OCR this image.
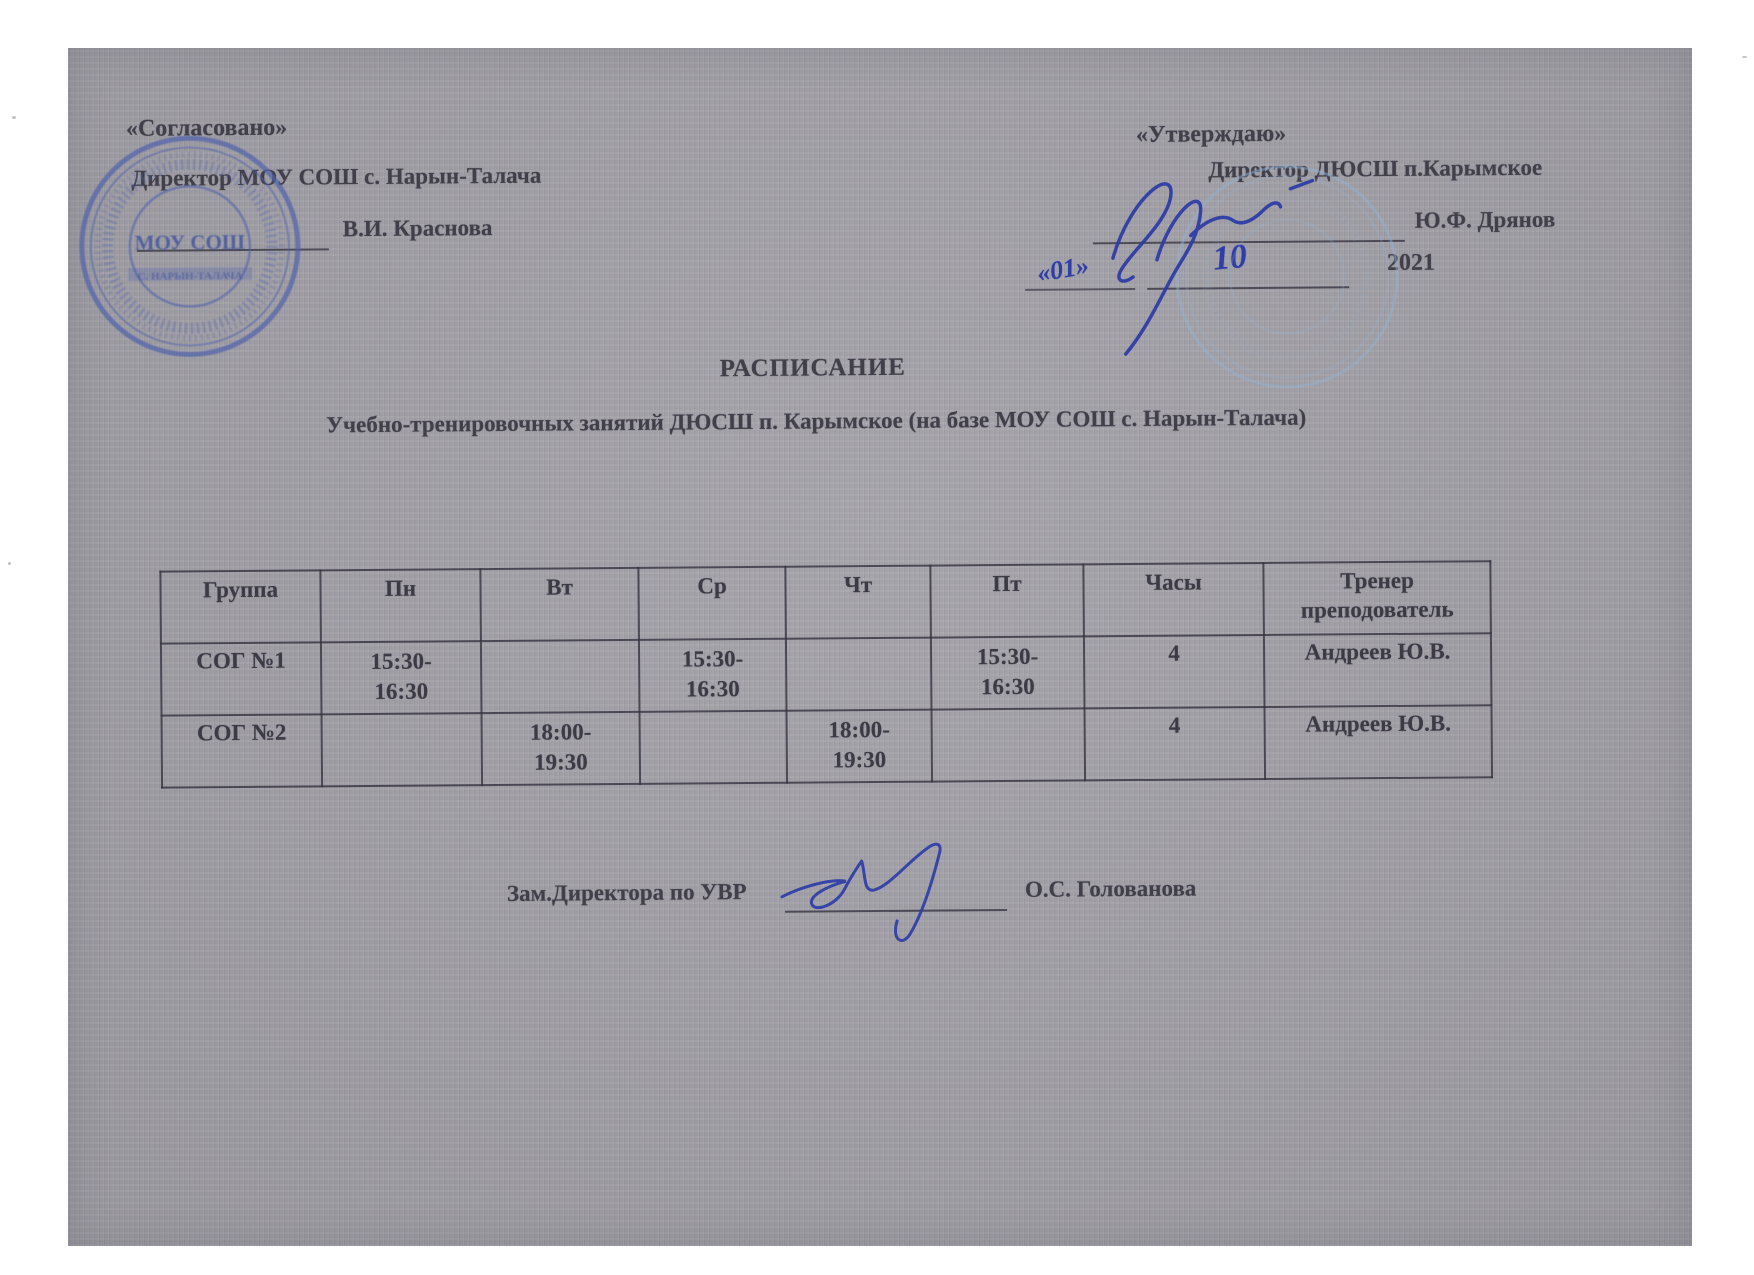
«Согласовано»
Директор МОУ СОШ с. Нарын-Талача
В.И. Краснова
МОУ СОШ
С. НАРЫН-ТАЛАЧА
«Утверждаю»
Директор ДЮСШ п.Карымское
Ю.Ф. Дрянов
«01»	10	2021
РАСПИСАНИЕ
Учебно-тренировочных занятий ДЮСШ п. Карымское (на базе МОУ СОШ с. Нарын-Талача)
Группа	Пн	Вт	Ср	Чт	Пт	Часы	Тренер преподователь
СОГ №1	15:30-16:30		15:30-16:30		15:30-16:30	4	Андреев Ю.В.
СОГ №2		18:00-19:30		18:00-19:30		4	Андреев Ю.В.
Зам.Директора по УВР	О.С. Голованова
